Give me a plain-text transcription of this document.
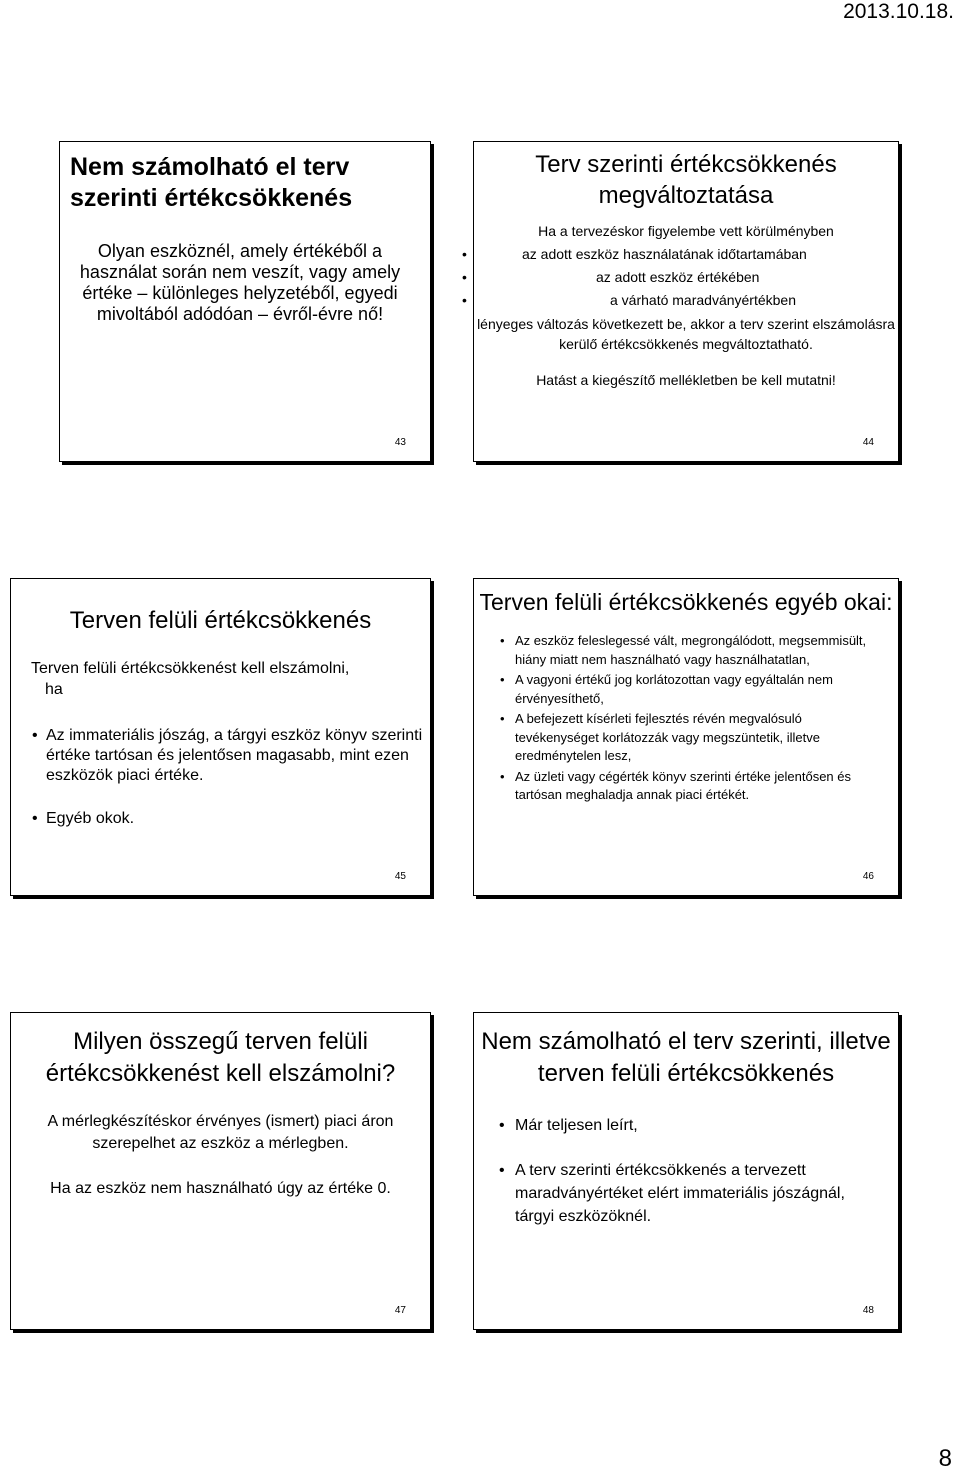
2013.10.18.
Nem számolható el terv szerinti értékcsökkenés
Olyan eszköznél, amely értékéből a használat során nem veszít, vagy amely értéke – különleges helyzetéből, egyedi mivoltából adódóan – évről-évre nő!
43
Terv szerinti értékcsökkenés megváltoztatása
Ha a tervezéskor figyelembe vett körülményben
• az adott eszköz használatának időtartamában
• az adott eszköz értékében
• a várható maradványértékben
lényeges változás következett be, akkor a terv szerint elszámolásra kerülő értékcsökkenés megváltoztatható.
Hatást a kiegészítő mellékletben be kell mutatni!
44
Terven felüli értékcsökkenés
Terven felüli értékcsökkenést kell elszámolni,
ha
• Az immateriális jószág, a tárgyi eszköz könyv szerinti értéke tartósan és jelentősen magasabb, mint ezen eszközök piaci értéke.
• Egyéb okok.
45
Terven felüli értékcsökkenés egyéb okai:
• Az eszköz feleslegessé vált, megrongálódott, megsemmisült, hiány miatt nem használható vagy használhatatlan,
• A vagyoni értékű jog korlátozottan vagy egyáltalán nem érvényesíthető,
• A befejezett kísérleti fejlesztés révén megvalósuló tevékenységet korlátozzák vagy megszüntetik, illetve eredménytelen lesz,
• Az üzleti vagy cégérték könyv szerinti értéke jelentősen és tartósan meghaladja annak piaci értékét.
46
Milyen összegű terven felüli értékcsökkenést kell elszámolni?
A mérlegkészítéskor érvényes (ismert) piaci áron szerepelhet az eszköz a mérlegben.
Ha az eszköz nem használható úgy az értéke 0.
47
Nem számolható el terv szerinti, illetve terven felüli értékcsökkenés
• Már teljesen leírt,
• A terv szerinti értékcsökkenés a tervezett maradványértéket elért immateriális jószágnál, tárgyi eszközöknél.
48
8
